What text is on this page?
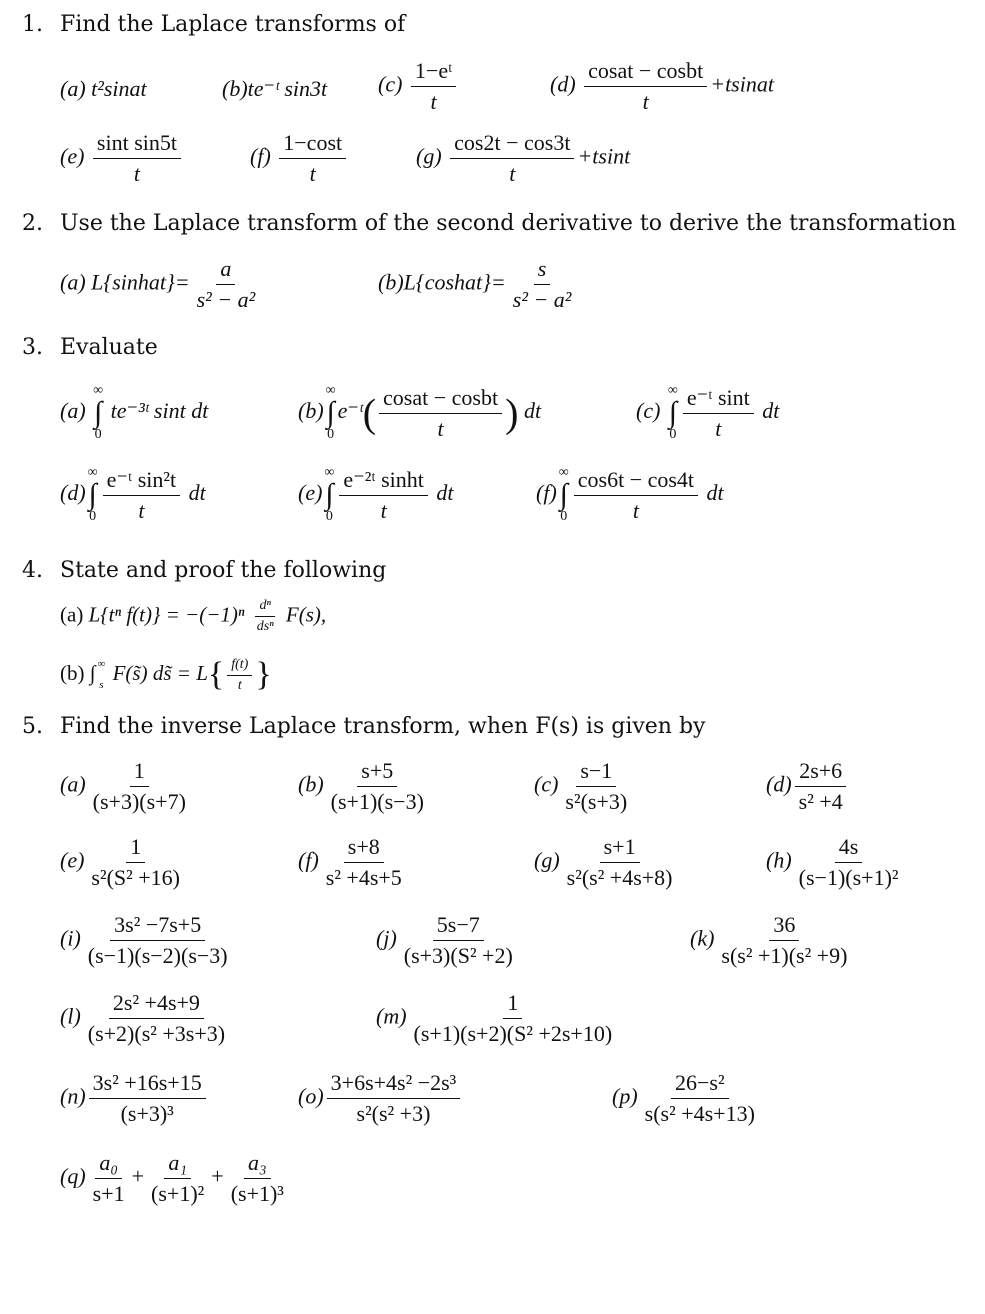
1. Find the Laplace transforms of
(a) t²sinat	(b)te⁻ᵗ sin3t $(c) \frac{\text{1−eᵗ}}{t}$	$(d) \frac{\text{cosat − cosbt}}{t}$ +tsinat
$(e) \frac{\text{sint sin5t}}{t}$	$(f) \frac{1-\cos t}{t}$	$(g) \frac{\cos 2t - \cos 3t}{t} +tsint$
2. Use the Laplace transform of the second derivative to derive the transformation
(a) L{sinhat}= $\frac{a}{\text{s² − a²}}$	(b)L{coshat}= $\frac{s}{\text{s² − a²}}$
3. Evaluate
(a)
∞
∫
0
te⁻³ᵗ sint dt	(b)
∞
∫
0
e⁻ᵗ( $\frac{\text{cosat − cosbt}}{t}$ ) dt	(c)
∞
∫
$0 \frac{\text{e⁻ᵗ sint}}{t}$ dt
(d)
∞
∫
$0 \frac{\text{e⁻ᵗ sin²t}}{t}$ dt	(e)
∞
∫
$0 \frac{\text{e⁻²ᵗ sinht}}{t}$ dt	(f)
∞
∫
$0 \frac{\cos 6t - \cos 4t}{t}$ dt
4. State and proof the following
(a) L{tⁿ $f(t)\} = -(-1)^n \frac{\text{dⁿ}}{\text{dsⁿ}} F(s)$,
(b) ∫ ∞
s
F(s̃) ds̃ = $L\{ \frac{f(t)}{t}$ }
5. Find the inverse Laplace transform, when F(s) is given by
$(a) \frac{1}{(s+3)(s+7)}$	$(b) \frac{s+5}{(s+1)(s-3)}$	$(c) \frac{s-1}{\text{s²(s+3)}}$	$(d) \frac{2s+6}{\text{s² +4}}$
$(e) \frac{1}{\text{s²(S² +16)}}$	$(f) \frac{s+8}{\text{s² +4s+5}}$	$(g) \frac{s+1}{\text{s²(s² +4s+8)}}$	$(h) \frac{4s}{\text{(s−1)(s+1)²}}$
$(i) \frac{\text{3s² −7s+5}}{(s-1)(s-2)(s-3)}$	$(j) \frac{5s-7}{\text{(s+3)(S² +2)}}$	$(k) \frac{36}{\text{s(s² +1)(s² +9)}}$
$(l) \frac{\text{2s² +4s+9}}{\text{(s+2)(s² +3s+3)}}$	$(m) \frac{1}{\text{(s+1)(s+2)(S² +2s+10)}}$
$(n) \frac{\text{3s² +16s+15}}{\text{(s+3)³}}$	$(o) \frac{\text{3+6s+4s² −2s³}}{\text{s²(s² +3)}}$	$(p) \frac{\text{26−s²}}{\text{s(s² +4s+13)}}$
$(q) \frac{\text{a₀}}{s+1} + \frac{\text{a₁}}{\text{(s+1)²}} + \frac{\text{a₃}}{\text{(s+1)³}}$
